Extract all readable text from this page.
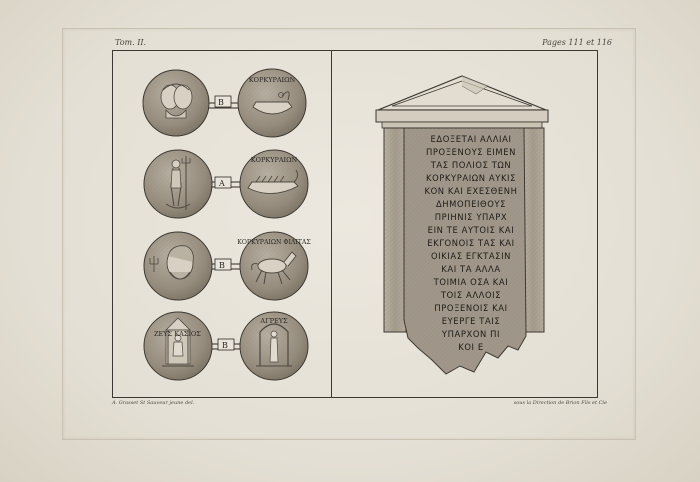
Tom. II.	Pages 111 et 116
B
ΚΟΡΚΥΡΑΙΩΝ
A
ΚΟΡΚΥΡΑΙΩΝ
B
ΚΟΡΚΥΡΑΙΩΝ ΦΙΛΙΤΑΣ
B
ΖΕΥΣ ΚΑΣΙΟΣ
ΑΓΡΕΥΣ
ΕΔΟΞΕΤΑΙ ΑΛΛΙΑΙ
ΠΡΟΞΕΝΟΥΣ ΕΙΜΕΝ
ΤΑΣ ΠΟΛΙΟΣ ΤΩΝ
ΚΟΡΚΥΡΑΙΩΝ ΑΥΚΙΣ
ΚΟΝ ΚΑΙ ΕΧΕΣΘΕΝΗ
ΔΗΜΟΠΕΙΘΟΥΣ
ΠΡΙΗΝΙΣ ΥΠΑΡΧ
ΕΙΝ ΤΕ ΑΥΤΟΙΣ ΚΑΙ
ΕΚΓΟΝΟΙΣ ΤΑΣ ΚΑΙ
ΟΙΚΙΑΣ ΕΓΚΤΑΣΙΝ
ΚΑΙ ΤΑ ΑΛΛΑ
ΤΟΙΜΙΑ ΟΣΑ ΚΑΙ
ΤΟΙΣ ΑΛΛΟΙΣ
ΠΡΟΞΕΝΟΙΣ ΚΑΙ
ΕΥΕΡΓΕ ΤΑΙΣ
ΥΠΑΡΧΟΝ ΠΙ
ΚΟΙ Ε
A. Grasset St Sauveur jeune del.	sous la Direction de Brion Fils et Cie
